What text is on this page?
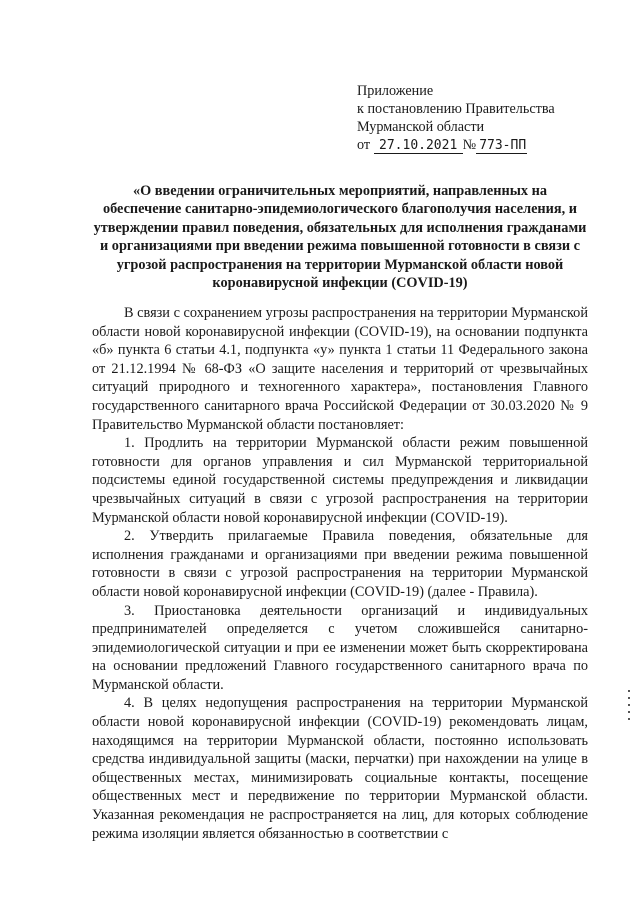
Приложение
к постановлению Правительства
Мурманской области
от 27.10.2021 № 773-ПП
«О введении ограничительных мероприятий, направленных на обеспечение санитарно-эпидемиологического благополучия населения, и утверждении правил поведения, обязательных для исполнения гражданами и организациями при введении режима повышенной готовности в связи с угрозой распространения на территории Мурманской области новой коронавирусной инфекции (COVID-19)

В связи с сохранением угрозы распространения на территории Мурманской области новой коронавирусной инфекции (COVID-19), на основании подпункта «б» пункта 6 статьи 4.1, подпункта «у» пункта 1 статьи 11 Федерального закона от 21.12.1994 № 68-ФЗ «О защите населения и территорий от чрезвычайных ситуаций природного и техногенного характера», постановления Главного государственного санитарного врача Российской Федерации от 30.03.2020 № 9 Правительство Мурманской области постановляет:

1. Продлить на территории Мурманской области режим повышенной готовности для органов управления и сил Мурманской территориальной подсистемы единой государственной системы предупреждения и ликвидации чрезвычайных ситуаций в связи с угрозой распространения на территории Мурманской области новой коронавирусной инфекции (COVID-19).

2. Утвердить прилагаемые Правила поведения, обязательные для исполнения гражданами и организациями при введении режима повышенной готовности в связи с угрозой распространения на территории Мурманской области новой коронавирусной инфекции (COVID-19) (далее - Правила).

3. Приостановка деятельности организаций и индивидуальных предпринимателей определяется с учетом сложившейся санитарно-эпидемиологической ситуации и при ее изменении может быть скорректирована на основании предложений Главного государственного санитарного врача по Мурманской области.

4. В целях недопущения распространения на территории Мурманской области новой коронавирусной инфекции (COVID-19) рекомендовать лицам, находящимся на территории Мурманской области, постоянно использовать средства индивидуальной защиты (маски, перчатки) при нахождении на улице в общественных местах, минимизировать социальные контакты, посещение общественных мест и передвижение по территории Мурманской области. Указанная рекомендация не распространяется на лиц, для которых соблюдение режима изоляции является обязанностью в соответствии с
